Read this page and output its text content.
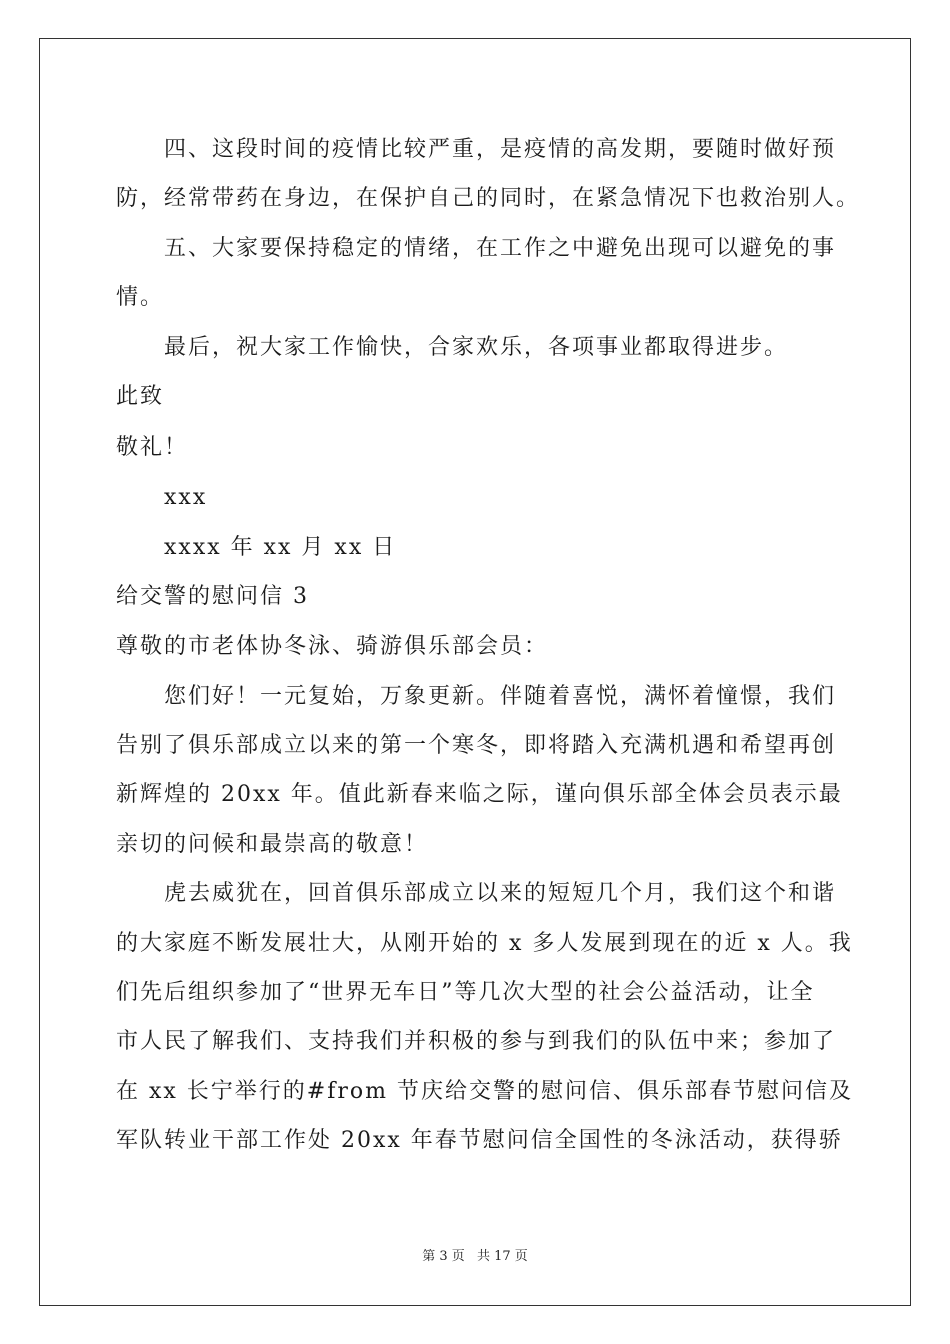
四、这段时间的疫情比较严重，是疫情的高发期，要随时做好预
防，经常带药在身边，在保护自己的同时，在紧急情况下也救治别人。
五、大家要保持稳定的情绪，在工作之中避免出现可以避免的事
情。
最后，祝大家工作愉快，合家欢乐，各项事业都取得进步。
此致
敬礼！
xxx
xxxx 年 xx 月 xx 日
给交警的慰问信 3
尊敬的市老体协冬泳、骑游俱乐部会员：
您们好！一元复始，万象更新。伴随着喜悦，满怀着憧憬，我们
告别了俱乐部成立以来的第一个寒冬，即将踏入充满机遇和希望再创
新辉煌的 20xx 年。值此新春来临之际，谨向俱乐部全体会员表示最
亲切的问候和最崇高的敬意！
虎去威犹在，回首俱乐部成立以来的短短几个月，我们这个和谐
的大家庭不断发展壮大，从刚开始的 x 多人发展到现在的近 x 人。我
们先后组织参加了“世界无车日”等几次大型的社会公益活动，让全
市人民了解我们、支持我们并积极的参与到我们的队伍中来；参加了
在 xx 长宁举行的#from 节庆给交警的慰问信、俱乐部春节慰问信及
军队转业干部工作处 20xx 年春节慰问信全国性的冬泳活动，获得骄
第 3 页 共 17 页
